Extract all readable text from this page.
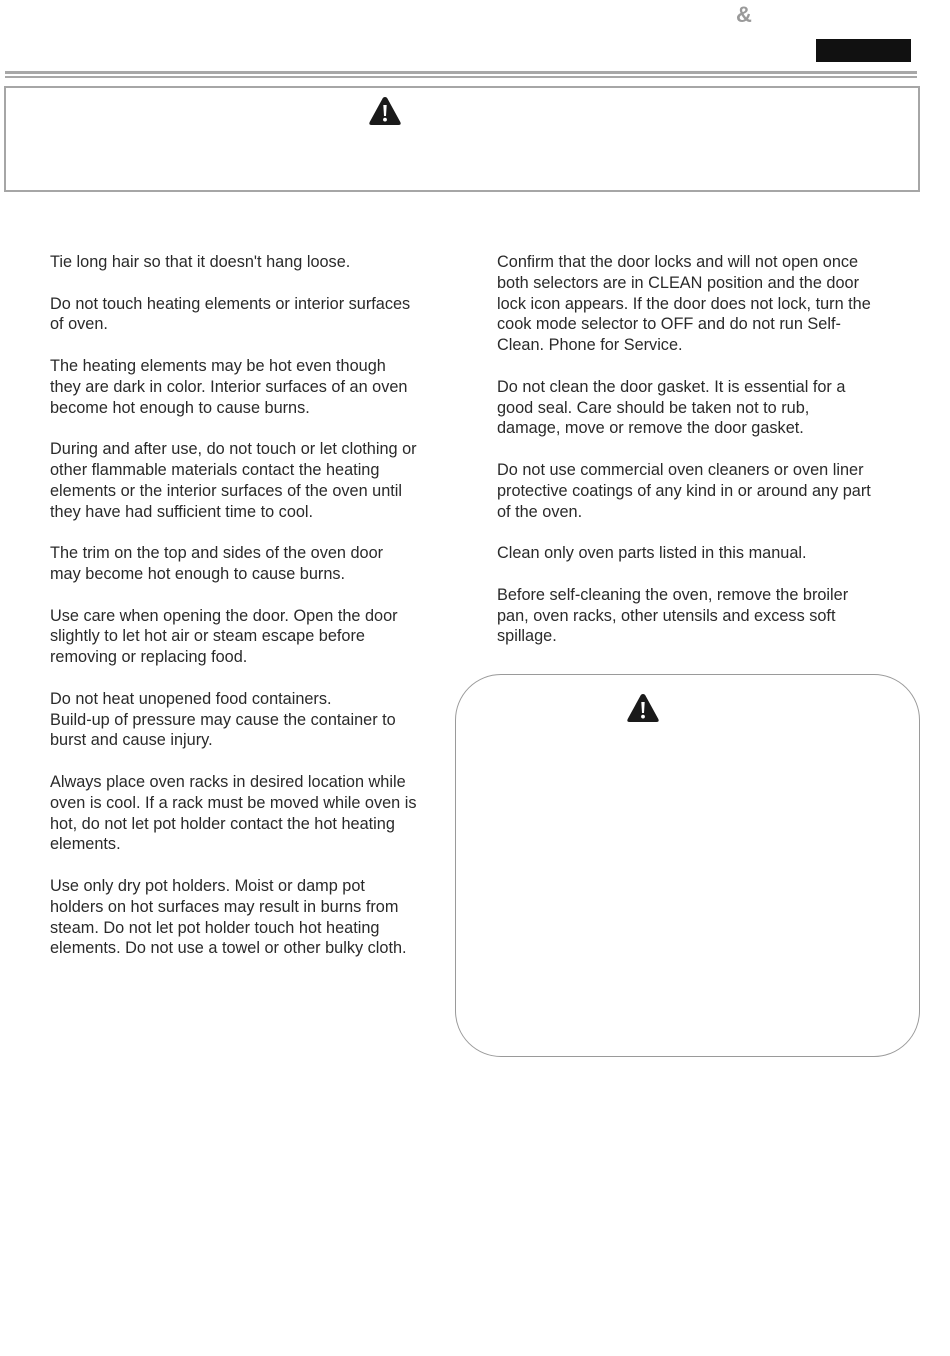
&

Tie long hair so that it doesn't hang loose.

Do not touch heating elements or interior surfaces
of oven.

The heating elements may be hot even though
they are dark in color. Interior surfaces of an oven
become hot enough to cause burns.

During and after use, do not touch or let clothing or
other flammable materials contact the heating
elements or the interior surfaces of the oven until
they have had sufficient time to cool.

The trim on the top and sides of the oven door
may become hot enough to cause burns.

Use care when opening the door. Open the door
slightly to let hot air or steam escape before
removing or replacing food.

Do not heat unopened food containers.
Build-up of pressure may cause the container to
burst and cause injury.

Always place oven racks in desired location while
oven is cool. If a rack must be moved while oven is
hot, do not let pot holder contact the hot heating
elements.

Use only dry pot holders. Moist or damp pot
holders on hot surfaces may result in burns from
steam. Do not let pot holder touch hot heating
elements. Do not use a towel or other bulky cloth.

Confirm that the door locks and will not open once
both selectors are in CLEAN position and the door
lock icon appears. If the door does not lock, turn the
cook mode selector to OFF and do not run Self-
Clean. Phone for Service.

Do not clean the door gasket. It is essential for a
good seal. Care should be taken not to rub,
damage, move or remove the door gasket.

Do not use commercial oven cleaners or oven liner
protective coatings of any kind in or around any part
of the oven.

Clean only oven parts listed in this manual.

Before self-cleaning the oven, remove the broiler
pan, oven racks, other utensils and excess soft
spillage.
